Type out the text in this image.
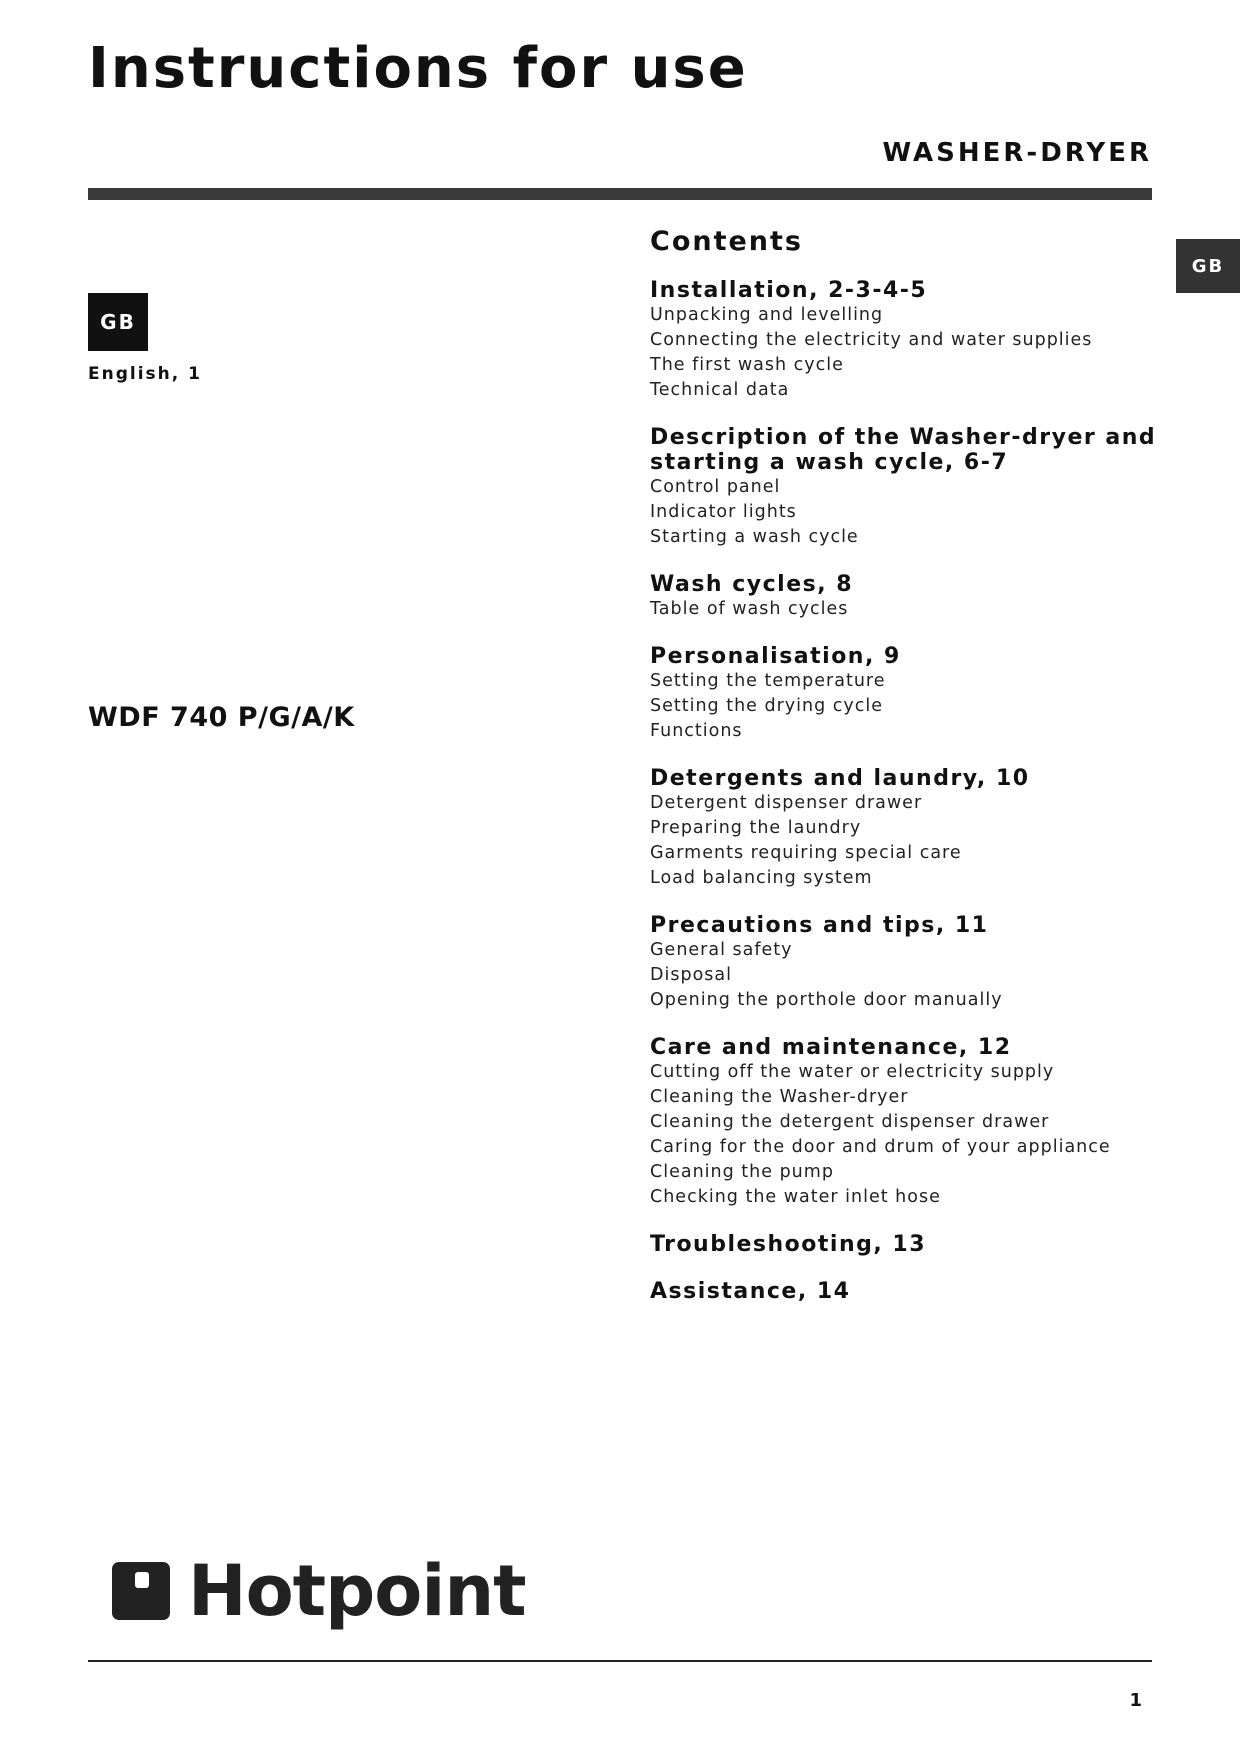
Instructions for use
WASHER-DRYER
GB
GB
English, 1
WDF 740 P/G/A/K
Contents
Installation, 2-3-4-5
Unpacking and levelling
Connecting the electricity and water supplies
The first wash cycle
Technical data
Description of the Washer-dryer and starting a wash cycle, 6-7
Control panel
Indicator lights
Starting a wash cycle
Wash cycles, 8
Table of wash cycles
Personalisation, 9
Setting the temperature
Setting the drying cycle
Functions
Detergents and laundry, 10
Detergent dispenser drawer
Preparing the laundry
Garments requiring special care
Load balancing system
Precautions and tips, 11
General safety
Disposal
Opening the porthole door manually
Care and maintenance, 12
Cutting off the water or electricity supply
Cleaning the Washer-dryer
Cleaning the detergent dispenser drawer
Caring for the door and drum of your appliance
Cleaning the pump
Checking the water inlet hose
Troubleshooting, 13
Assistance, 14
Hotpoint
1
